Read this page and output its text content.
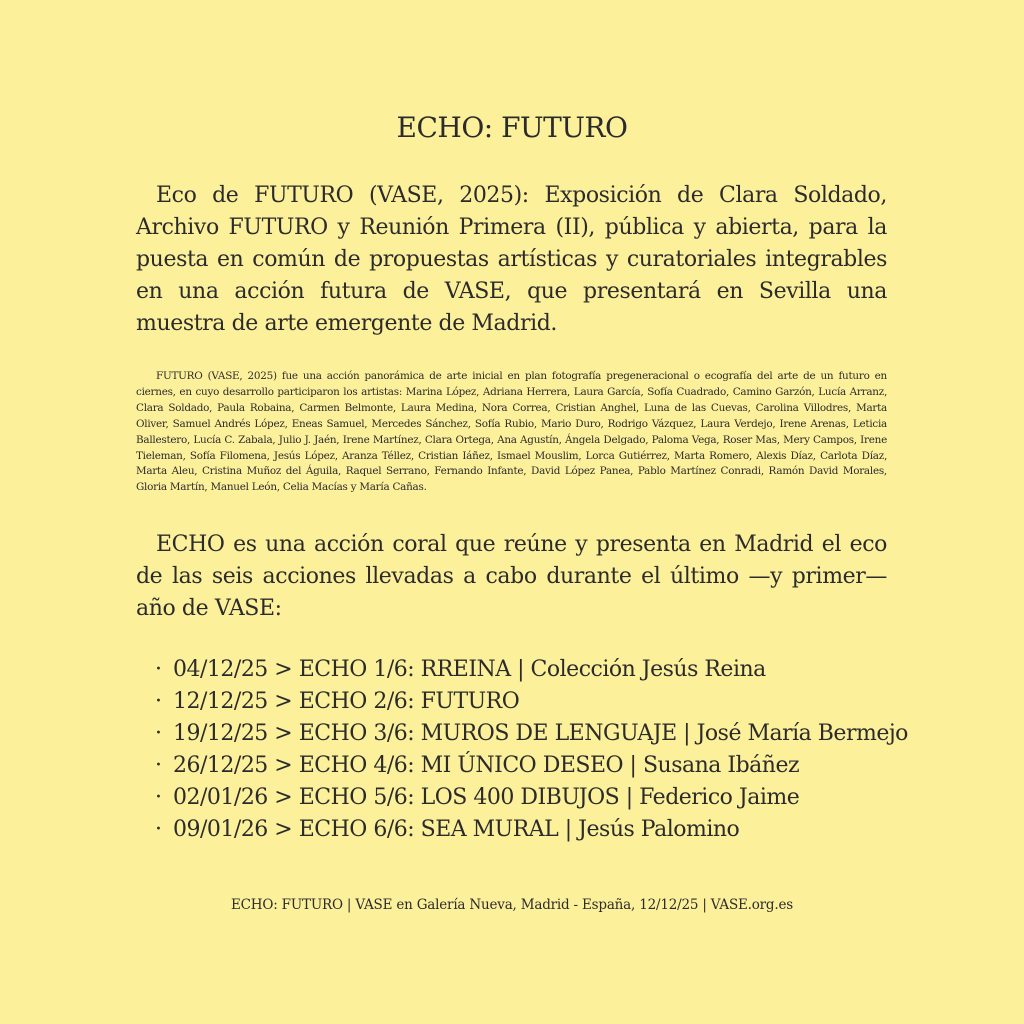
ECHO: FUTURO

Eco de FUTURO (VASE, 2025): Exposición de Clara Soldado, Archivo FUTURO y Reunión Primera (II), pública y abierta, para la puesta en común de propuestas artísticas y curatoriales integrables en una acción futura de VASE, que presentará en Sevilla una muestra de arte emergente de Madrid.

FUTURO (VASE, 2025) fue una acción panorámica de arte inicial en plan fotografía pregeneracional o ecografía del arte de un futuro en ciernes, en cuyo desarrollo participaron los artistas: Marina López, Adriana Herrera, Laura García, Sofía Cuadrado, Camino Garzón, Lucía Arranz, Clara Soldado, Paula Robaina, Carmen Belmonte, Laura Medina, Nora Correa, Cristian Anghel, Luna de las Cuevas, Carolina Villodres, Marta Oliver, Samuel Andrés López, Eneas Samuel, Mercedes Sánchez, Sofía Rubio, Mario Duro, Rodrigo Vázquez, Laura Verdejo, Irene Arenas, Leticia Ballestero, Lucía C. Zabala, Julio J. Jaén, Irene Martínez, Clara Ortega, Ana Agustín, Ángela Delgado, Paloma Vega, Roser Mas, Mery Campos, Irene Tieleman, Sofía Filomena, Jesús López, Aranza Téllez, Cristian Iáñez, Ismael Mouslim, Lorca Gutiérrez, Marta Romero, Alexis Díaz, Carlota Díaz, Marta Aleu, Cristina Muñoz del Águila, Raquel Serrano, Fernando Infante, David López Panea, Pablo Martínez Conradi, Ramón David Morales, Gloria Martín, Manuel León, Celia Macías y María Cañas.

ECHO es una acción coral que reúne y presenta en Madrid el eco de las seis acciones llevadas a cabo durante el último —y primer— año de VASE:

· 04/12/25 > ECHO 1/6: RREINA | Colección Jesús Reina
· 12/12/25 > ECHO 2/6: FUTURO
· 19/12/25 > ECHO 3/6: MUROS DE LENGUAJE | José María Bermejo
· 26/12/25 > ECHO 4/6: MI ÚNICO DESEO | Susana Ibáñez
· 02/01/26 > ECHO 5/6: LOS 400 DIBUJOS | Federico Jaime
· 09/01/26 > ECHO 6/6: SEA MURAL | Jesús Palomino
ECHO: FUTURO | VASE en Galería Nueva, Madrid - España, 12/12/25 | VASE.org.es
